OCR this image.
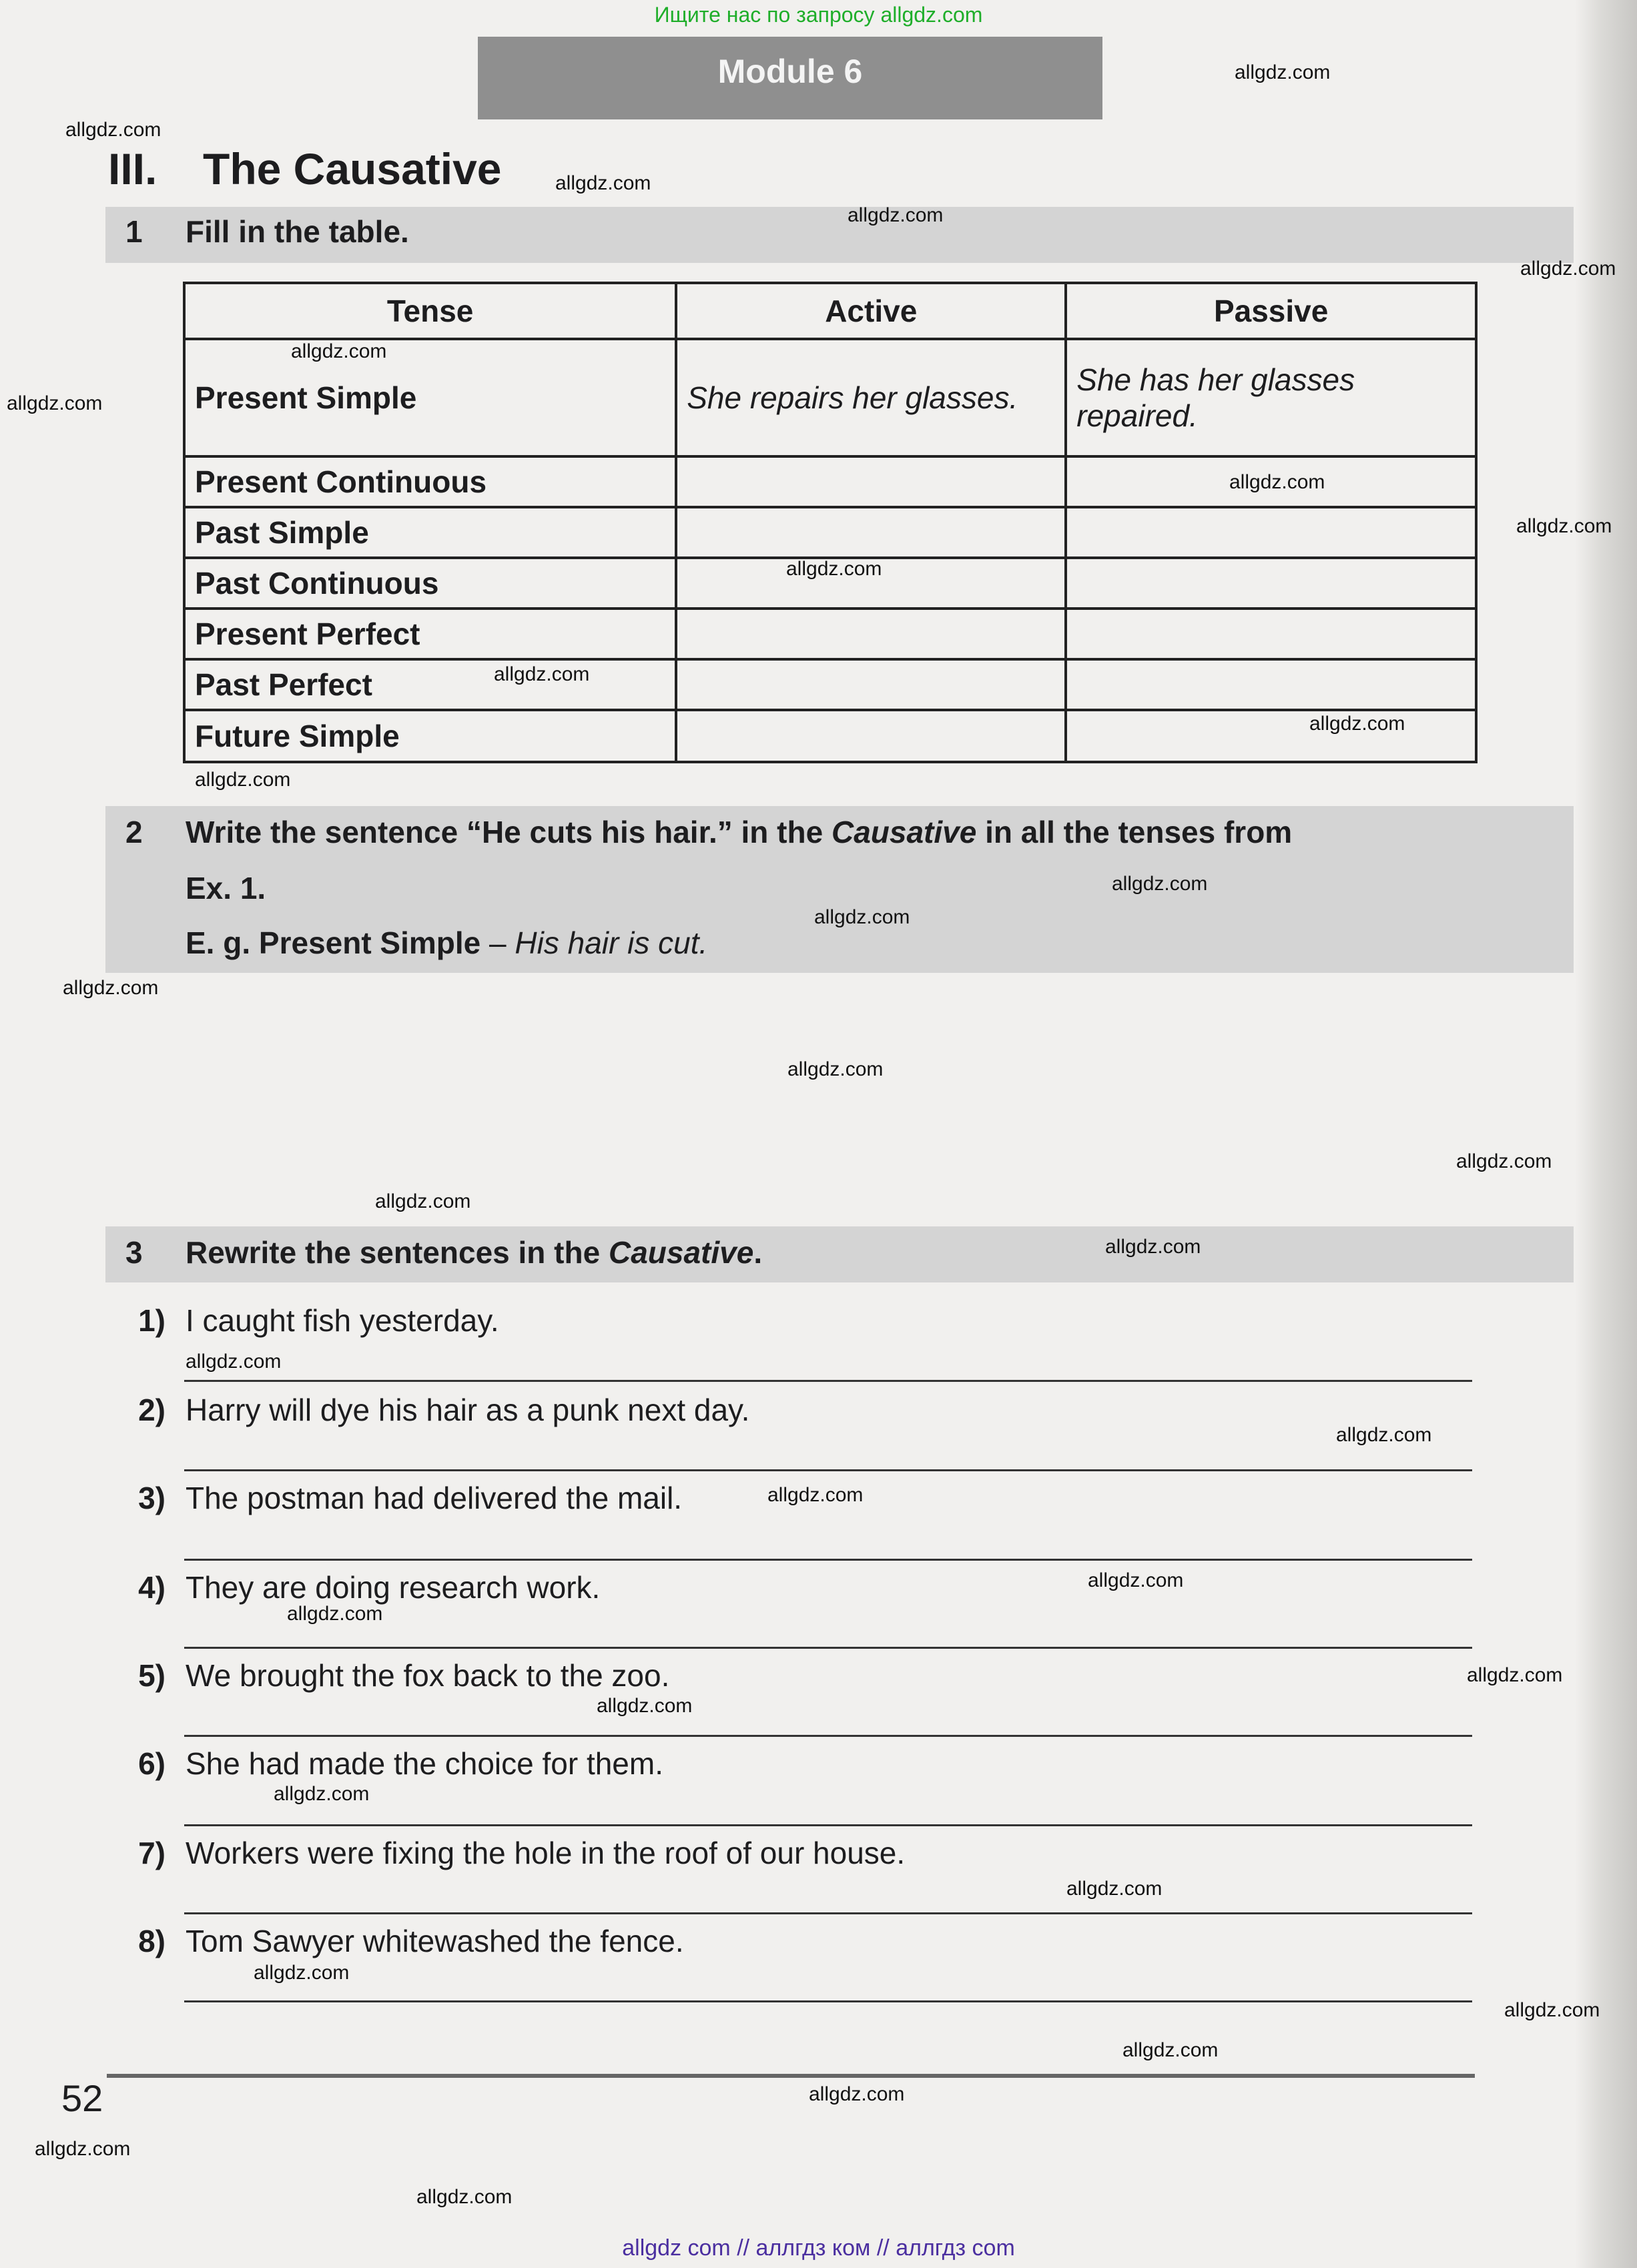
Ищите нас по запросу allgdz.com
Module 6
III. The Causative
1 Fill in the table.
Tense	Active	Passive
Present Simple	She repairs her glasses.	She has her glasses repaired.
Present Continuous		
Past Simple		
Past Continuous		
Present Perfect		
Past Perfect		
Future Simple		
2 Write the sentence “He cuts his hair.” in the Causative in all the tenses from
Ex. 1.
E. g. Present Simple – His hair is cut.
3 Rewrite the sentences in the Causative.
1) I caught fish yesterday.
2) Harry will dye his hair as a punk next day.
3) The postman had delivered the mail.
4) They are doing research work.
5) We brought the fox back to the zoo.
6) She had made the choice for them.
7) Workers were fixing the hole in the roof of our house.
8) Tom Sawyer whitewashed the fence.
52
allgdz.com
allgdz.com
allgdz.com
allgdz.com
allgdz.com
allgdz.com
allgdz.com
allgdz.com
allgdz.com
allgdz.com
allgdz.com
allgdz.com
allgdz.com
allgdz.com
allgdz.com
allgdz.com
allgdz.com
allgdz.com
allgdz.com
allgdz.com
allgdz.com
allgdz.com
allgdz.com
allgdz.com
allgdz.com
allgdz.com
allgdz.com
allgdz.com
allgdz.com
allgdz.com
allgdz.com
allgdz.com
allgdz.com
allgdz.com
allgdz.com
allgdz com // аллгдз ком // аллгдз com
